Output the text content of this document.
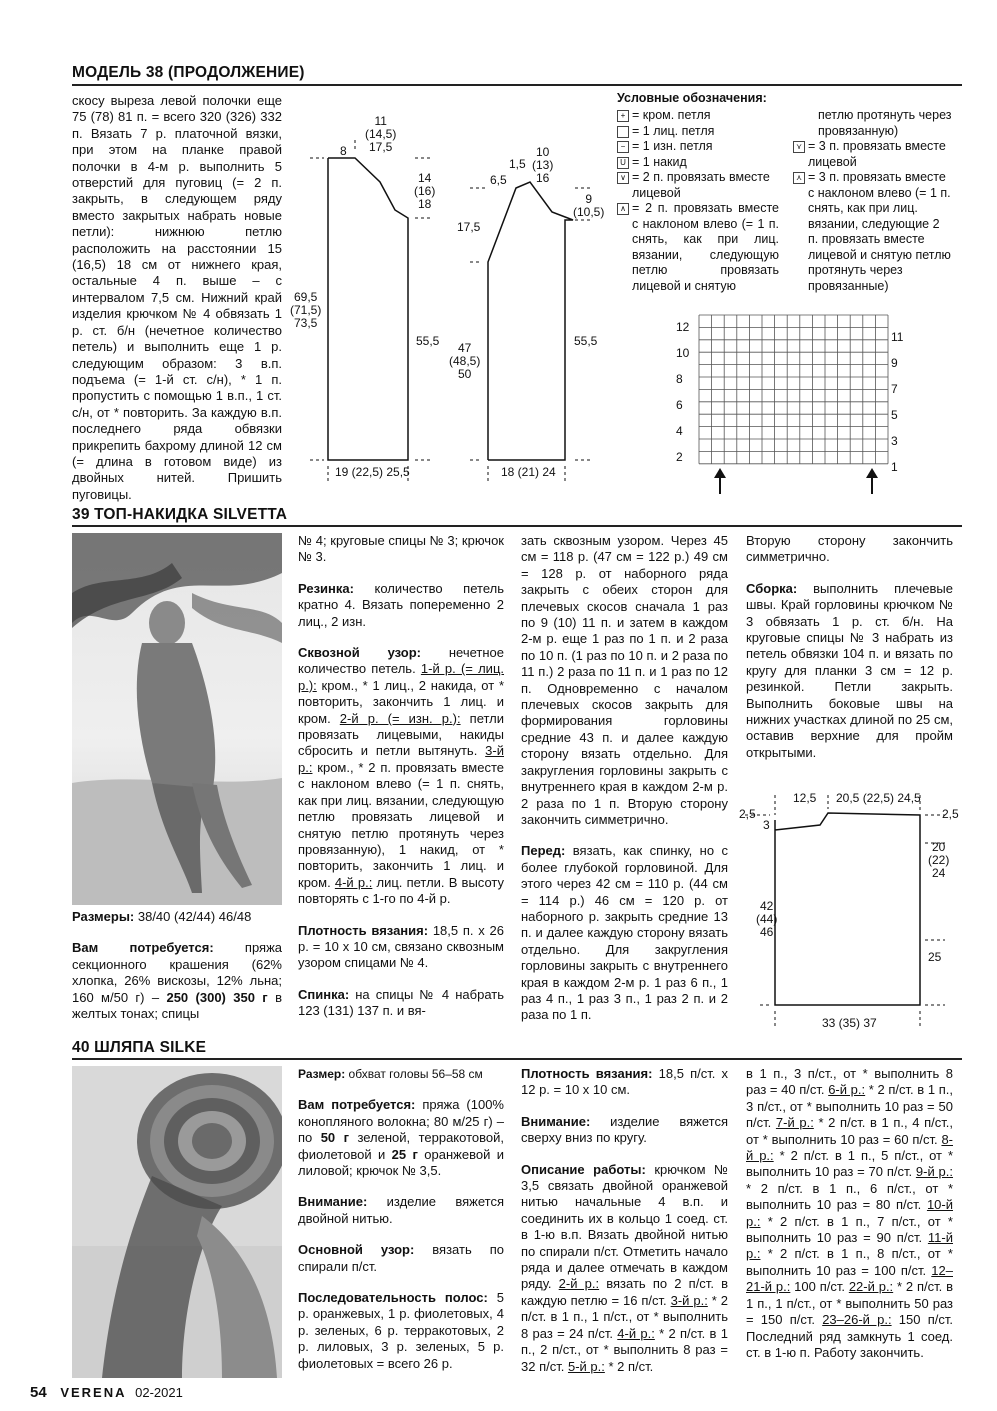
МОДЕЛЬ 38 (ПРОДОЛЖЕНИЕ)
скосу выреза левой полочки еще 75 (78) 81 п. = всего 320 (326) 332 п. Вязать 7 р. платочной вязки, при этом на планке правой полочки в 4-м р. выполнить 5 отверстий для пуговиц (= 2 п. закрыть, в следующем ряду вместо закрытых набрать новые петли): нижнюю петлю расположить на расстоянии 15 (16,5) 18 см от нижнего края, остальные 4 п. выше – с интервалом 7,5 см. Нижний край изделия крючком № 4 обвязать 1 р. ст. б/н (нечетное количество петель) и выполнить еще 1 р. следующим образом: 3 в.п. подъема (= 1-й ст. с/н), * 1 п. пропустить с помощью 1 в.п., 1 ст. с/н, от * повторить. За каждую в.п. последнего ряда обвязки прикрепить бахрому длиной 12 см (= длина в готовом виде) из двойных нитей. Пришить пуговицы.
11
(14,5)
17,5
8
14
(16)
18
69,5
(71,5)
73,5
55,5
19 (22,5) 25,5
10
(13)
16
1,5
6,5
17,5
9
(10,5)
47
(48,5)
50
55,5
18 (21) 24
Условные обозначения:
+ = кром. петля
= 1 лиц. петля
− = 1 изн. петля
U = 1 накид
∨ = 2 п. провязать вместе лицевой
∧ = 2 п. провязать вместе с наклоном влево (= 1 п. снять, как при лиц. вязании, следующую петлю провязать лицевой и снятую
петлю протянуть через провязанную)
⋎ = 3 п. провязать вместе лицевой
⋏ = 3 п. провязать вместе с наклоном влево (= 1 п. снять, как при лиц. вязании, следующие 2 п. провязать вместе лицевой и снятую петлю протянуть через провязанные)
12
10
8
6
4
2
11
9
7
5
3
1
39 ТОП-НАКИДКА SILVETTA

Размеры: 38/40 (42/44) 46/48

Вам потребуется: пряжа секционного крашения (62% хлопка, 26% вискозы, 12% льна; 160 м/50 г) – 250 (300) 350 г в желтых тонах; спицы

№ 4; круговые спицы № 3; крючок № 3.

Резинка: количество петель кратно 4. Вязать попеременно 2 лиц., 2 изн.

Сквозной узор: нечетное количество петель. 1-й р. (= лиц. р.): кром., * 1 лиц., 2 накида, от * повторить, закончить 1 лиц. и кром. 2-й р. (= изн. р.): петли провязать лицевыми, накиды сбросить и петли вытянуть. 3-й р.: кром., * 2 п. провязать вместе с наклоном влево (= 1 п. снять, как при лиц. вязании, следующую петлю провязать лицевой и снятую петлю протянуть через провязанную), 1 накид, от * повторить, закончить 1 лиц. и кром. 4-й р.: лиц. петли. В высоту повторять с 1-го по 4-й р.

Плотность вязания: 18,5 п. х 26 р. = 10 х 10 см, связано сквозным узором спицами № 4.

Спинка: на спицы № 4 набрать 123 (131) 137 п. и вя-

зать сквозным узором. Через 45 см = 118 р. (47 см = 122 р.) 49 см = 128 р. от наборного ряда закрыть с обеих сторон для плечевых скосов сначала 1 раз по 9 (10) 11 п. и затем в каждом 2-м р. еще 1 раз по 1 п. и 2 раза по 10 п. (1 раз по 10 п. и 2 раза по 11 п.) 2 раза по 11 п. и 1 раз по 12 п. Одновременно с началом плечевых скосов закрыть для формирования горловины средние 43 п. и далее каждую сторону вязать отдельно. Для закругления горловины закрыть с внутреннего края в каждом 2-м р. 2 раза по 1 п. Вторую сторону закончить симметрично.

Перед: вязать, как спинку, но с более глубокой горловиной. Для этого через 42 см = 110 р. (44 см = 114 р.) 46 см = 120 р. от наборного р. закрыть средние 13 п. и далее каждую сторону вязать отдельно. Для закругления горловины закрыть с внутреннего края в каждом 2-м р. 1 раз 6 п., 1 раз 4 п., 1 раз 3 п., 1 раз 2 п. и 2 раза по 1 п.

Вторую сторону закончить симметрично.

Сборка: выполнить плечевые швы. Край горловины крючком № 3 обвязать 1 р. ст. б/н. На круговые спицы № 3 набрать из петель обвязки 104 п. и вязать по кругу для планки 3 см = 12 р. резинкой. Петли закрыть. Выполнить боковые швы на нижних участках длиной по 25 см, оставив верхние для пройм открытыми.

12,5 20,5 (22,5) 24,5
2,5	2,5
3
20
(22)
24
42
(44)
46
25
33 (35) 37
40 ШЛЯПА SILKE

Размер: обхват головы 56–58 см

Вам потребуется: пряжа (100% конопляного волокна; 80 м/25 г) – по 50 г зеленой, терракотовой, фиолетовой и 25 г оранжевой и лиловой; крючок № 3,5.

Внимание: изделие вяжется двойной нитью.

Основной узор: вязать по спирали п/ст.

Последовательность полос: 5 р. оранжевых, 1 р. фиолетовых, 4 р. зеленых, 6 р. терракотовых, 2 р. лиловых, 3 р. зеленых, 5 р. фиолетовых = всего 26 р.

Плотность вязания: 18,5 п/ст. х 12 р. = 10 х 10 см.

Внимание: изделие вяжется сверху вниз по кругу.

Описание работы: крючком № 3,5 связать двойной оранжевой нитью начальные 4 в.п. и соединить их в кольцо 1 соед. ст. в 1-ю в.п. Вязать двойной нитью по спирали п/ст. Отметить начало ряда и далее отмечать в каждом ряду. 2-й р.: вязать по 2 п/ст. в каждую петлю = 16 п/ст. 3-й р.: * 2 п/ст. в 1 п., 1 п/ст., от * выполнить 8 раз = 24 п/ст. 4-й р.: * 2 п/ст. в 1 п., 2 п/ст., от * выполнить 8 раз = 32 п/ст. 5-й р.: * 2 п/ст.

в 1 п., 3 п/ст., от * выполнить 8 раз = 40 п/ст. 6-й р.: * 2 п/ст. в 1 п., 3 п/ст., от * выполнить 10 раз = 50 п/ст. 7-й р.: * 2 п/ст. в 1 п., 4 п/ст., от * выполнить 10 раз = 60 п/ст. 8-й р.: * 2 п/ст. в 1 п., 5 п/ст., от * выполнить 10 раз = 70 п/ст. 9-й р.: * 2 п/ст. в 1 п., 6 п/ст., от * выполнить 10 раз = 80 п/ст. 10-й р.: * 2 п/ст. в 1 п., 7 п/ст., от * выполнить 10 раз = 90 п/ст. 11-й р.: * 2 п/ст. в 1 п., 8 п/ст., от * выполнить 10 раз = 100 п/ст. 12–21-й р.: 100 п/ст. 22-й р.: * 2 п/ст. в 1 п., 1 п/ст., от * выполнить 50 раз = 150 п/ст. 23–26-й р.: 150 п/ст. Последний ряд замкнуть 1 соед. ст. в 1-ю п. Работу закончить.

54 VERENA 02-2021
